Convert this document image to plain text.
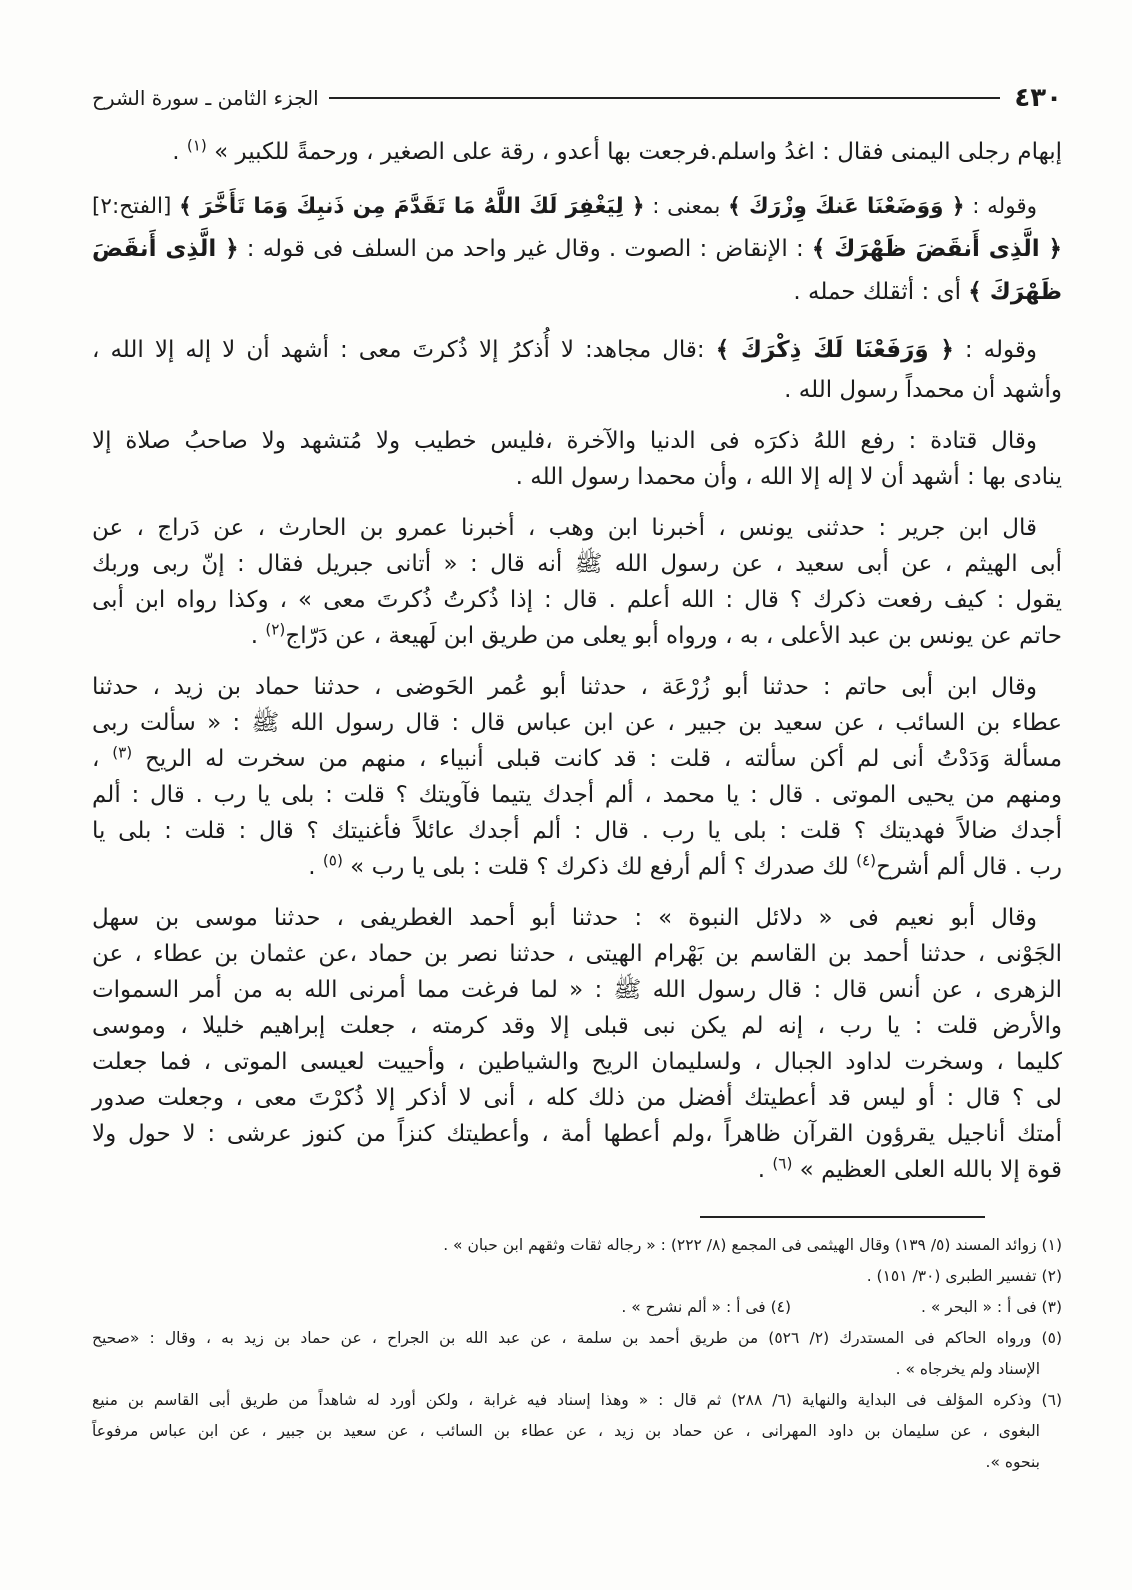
٤٣٠
الجزء الثامن ـ سورة الشرح
إبهام رجلى اليمنى فقال : اغدُ واسلم.فرجعت بها أعدو ، رقة على الصغير ، ورحمةً للكبير » $^{(١)}$ .
وقوله : ﴿ وَوَضَعْنَا عَنكَ وِزْرَكَ ﴾ بمعنى : ﴿ لِيَغْفِرَ لَكَ اللَّهُ مَا تَقَدَّمَ مِن ذَنبِكَ وَمَا تَأَخَّرَ ﴾ [الفتح:٢]
﴿ الَّذِى أَنقَضَ ظَهْرَكَ ﴾ : الإنقاض : الصوت . وقال غير واحد من السلف فى قوله : ﴿ الَّذِى أَنقَضَ
ظَهْرَكَ ﴾ أى : أثقلك حمله .
وقوله : ﴿ وَرَفَعْنَا لَكَ ذِكْرَكَ ﴾ :قال مجاهد: لا أُذكرُ إلا ذُكرتَ معى : أشهد أن لا إله إلا الله ،
وأشهد أن محمداً رسول الله .
وقال قتادة : رفع اللهُ ذكرَه فى الدنيا والآخرة ،فليس خطيب ولا مُتشهد ولا صاحبُ صلاة إلا
ينادى بها : أشهد أن لا إله إلا الله ، وأن محمدا رسول الله .
قال ابن جرير : حدثنى يونس ، أخبرنا ابن وهب ، أخبرنا عمرو بن الحارث ، عن دَراج ، عن
أبى الهيثم ، عن أبى سعيد ، عن رسول الله ﷺ أنه قال : « أتانى جبريل فقال : إنّ ربى وربك
يقول : كيف رفعت ذكرك ؟ قال : الله أعلم . قال : إذا ذُكرتُ ذُكرتَ معى » ، وكذا رواه ابن أبى
حاتم عن يونس بن عبد الأعلى ، به ، ورواه أبو يعلى من طريق ابن لَهيعة ، عن دَرّاج$^{(٢)}$ .
وقال ابن أبى حاتم : حدثنا أبو زُرْعَة ، حدثنا أبو عُمر الحَوضى ، حدثنا حماد بن زيد ، حدثنا
عطاء بن السائب ، عن سعيد بن جبير ، عن ابن عباس قال : قال رسول الله ﷺ : « سألت ربى
مسألة وَدَدْتُ أنى لم أكن سألته ، قلت : قد كانت قبلى أنبياء ، منهم من سخرت له الريح $^{(٣)}$ ،
ومنهم من يحيى الموتى . قال : يا محمد ، ألم أجدك يتيما فآويتك ؟ قلت : بلى يا رب . قال : ألم
أجدك ضالاً فهديتك ؟ قلت : بلى يا رب . قال : ألم أجدك عائلاً فأغنيتك ؟ قال : قلت : بلى يا
رب . قال ألم أشرح$^{(٤)}$ لك صدرك ؟ ألم أرفع لك ذكرك ؟ قلت : بلى يا رب » $^{(٥)}$ .
وقال أبو نعيم فى « دلائل النبوة » : حدثنا أبو أحمد الغطريفى ، حدثنا موسى بن سهل
الجَوْنى ، حدثنا أحمد بن القاسم بن بَهْرام الهيتى ، حدثنا نصر بن حماد ،عن عثمان بن عطاء ، عن
الزهرى ، عن أنس قال : قال رسول الله ﷺ : « لما فرغت مما أمرنى الله به من أمر السموات
والأرض قلت : يا رب ، إنه لم يكن نبى قبلى إلا وقد كرمته ، جعلت إبراهيم خليلا ، وموسى
كليما ، وسخرت لداود الجبال ، ولسليمان الريح والشياطين ، وأحييت لعيسى الموتى ، فما جعلت
لى ؟ قال : أو ليس قد أعطيتك أفضل من ذلك كله ، أنى لا أذكر إلا ذُكرْتَ معى ، وجعلت صدور
أمتك أناجيل يقرؤون القرآن ظاهراً ،ولم أعطها أمة ، وأعطيتك كنزاً من كنوز عرشى : لا حول ولا
قوة إلا بالله العلى العظيم » $^{(٦)}$ .
(١) زوائد المسند (٥/ ١٣٩) وقال الهيثمى فى المجمع (٨/ ٢٢٢) : « رجاله ثقات وثقهم ابن حبان » .
(٢) تفسير الطبرى (٣٠/ ١٥١) .
(٣) فى أ : « البحر » .
(٤) فى أ : « ألم نشرح » .
(٥) ورواه الحاكم فى المستدرك (٢/ ٥٢٦) من طريق أحمد بن سلمة ، عن عبد الله بن الجراح ، عن حماد بن زيد به ، وقال : «صحيح
الإسناد ولم يخرجاه » .
(٦) وذكره المؤلف فى البداية والنهاية (٦/ ٢٨٨) ثم قال : « وهذا إسناد فيه غرابة ، ولكن أورد له شاهداً من طريق أبى القاسم بن منيع
البغوى ، عن سليمان بن داود المهرانى ، عن حماد بن زيد ، عن عطاء بن السائب ، عن سعيد بن جبير ، عن ابن عباس مرفوعاً
بنحوه ».
